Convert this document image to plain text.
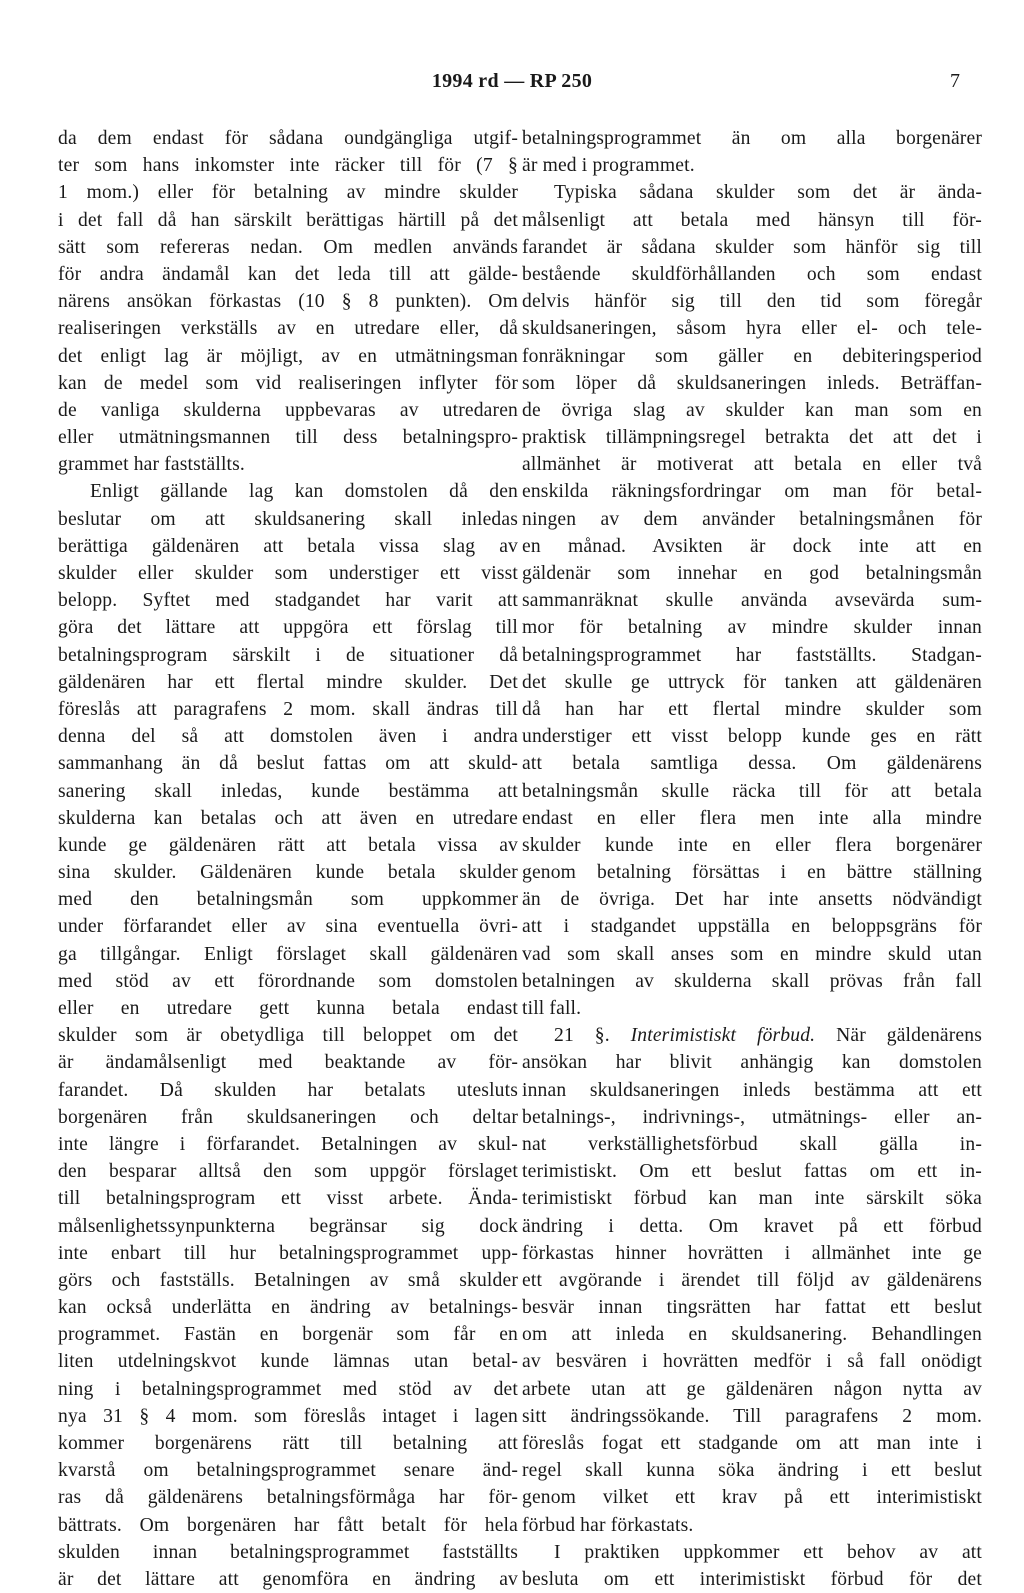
1994 rd — RP 250	7
da dem endast för sådana oundgängliga utgif-
ter som hans inkomster inte räcker till för (7 §
1 mom.) eller för betalning av mindre skulder
i det fall då han särskilt berättigas härtill på det
sätt som refereras nedan. Om medlen används
för andra ändamål kan det leda till att gälde-
närens ansökan förkastas (10 § 8 punkten). Om
realiseringen verkställs av en utredare eller, då
det enligt lag är möjligt, av en utmätningsman
kan de medel som vid realiseringen inflyter för
de vanliga skulderna uppbevaras av utredaren
eller utmätningsmannen till dess betalningspro-
grammet har fastställts.
Enligt gällande lag kan domstolen då den
beslutar om att skuldsanering skall inledas
berättiga gäldenären att betala vissa slag av
skulder eller skulder som understiger ett visst
belopp. Syftet med stadgandet har varit att
göra det lättare att uppgöra ett förslag till
betalningsprogram särskilt i de situationer då
gäldenären har ett flertal mindre skulder. Det
föreslås att paragrafens 2 mom. skall ändras till
denna del så att domstolen även i andra
sammanhang än då beslut fattas om att skuld-
sanering skall inledas, kunde bestämma att
skulderna kan betalas och att även en utredare
kunde ge gäldenären rätt att betala vissa av
sina skulder. Gäldenären kunde betala skulder
med den betalningsmån som uppkommer
under förfarandet eller av sina eventuella övri-
ga tillgångar. Enligt förslaget skall gäldenären
med stöd av ett förordnande som domstolen
eller en utredare gett kunna betala endast
skulder som är obetydliga till beloppet om det
är ändamålsenligt med beaktande av för-
farandet. Då skulden har betalats utesluts
borgenären från skuldsaneringen och deltar
inte längre i förfarandet. Betalningen av skul-
den besparar alltså den som uppgör förslaget
till betalningsprogram ett visst arbete. Ända-
målsenlighetssynpunkterna begränsar sig dock
inte enbart till hur betalningsprogrammet upp-
görs och fastställs. Betalningen av små skulder
kan också underlätta en ändring av betalnings-
programmet. Fastän en borgenär som får en
liten utdelningskvot kunde lämnas utan betal-
ning i betalningsprogrammet med stöd av det
nya 31 § 4 mom. som föreslås intaget i lagen
kommer borgenärens rätt till betalning att
kvarstå om betalningsprogrammet senare änd-
ras då gäldenärens betalningsförmåga har för-
bättrats. Om borgenären har fått betalt för hela
skulden innan betalningsprogrammet fastställts
är det lättare att genomföra en ändring av
betalningsprogrammet än om alla borgenärer
är med i programmet.
Typiska sådana skulder som det är ända-
målsenligt att betala med hänsyn till för-
farandet är sådana skulder som hänför sig till
bestående skuldförhållanden och som endast
delvis hänför sig till den tid som föregår
skuldsaneringen, såsom hyra eller el- och tele-
fonräkningar som gäller en debiteringsperiod
som löper då skuldsaneringen inleds. Beträffan-
de övriga slag av skulder kan man som en
praktisk tillämpningsregel betrakta det att det i
allmänhet är motiverat att betala en eller två
enskilda räkningsfordringar om man för betal-
ningen av dem använder betalningsmånen för
en månad. Avsikten är dock inte att en
gäldenär som innehar en god betalningsmån
sammanräknat skulle använda avsevärda sum-
mor för betalning av mindre skulder innan
betalningsprogrammet har fastställts. Stadgan-
det skulle ge uttryck för tanken att gäldenären
då han har ett flertal mindre skulder som
understiger ett visst belopp kunde ges en rätt
att betala samtliga dessa. Om gäldenärens
betalningsmån skulle räcka till för att betala
endast en eller flera men inte alla mindre
skulder kunde inte en eller flera borgenärer
genom betalning försättas i en bättre ställning
än de övriga. Det har inte ansetts nödvändigt
att i stadgandet uppställa en beloppsgräns för
vad som skall anses som en mindre skuld utan
betalningen av skulderna skall prövas från fall
till fall.
21 §. Interimistiskt förbud. När gäldenärens
ansökan har blivit anhängig kan domstolen
innan skuldsaneringen inleds bestämma att ett
betalnings-, indrivnings-, utmätnings- eller an-
nat verkställighetsförbud skall gälla in-
terimistiskt. Om ett beslut fattas om ett in-
terimistiskt förbud kan man inte särskilt söka
ändring i detta. Om kravet på ett förbud
förkastas hinner hovrätten i allmänhet inte ge
ett avgörande i ärendet till följd av gäldenärens
besvär innan tingsrätten har fattat ett beslut
om att inleda en skuldsanering. Behandlingen
av besvären i hovrätten medför i så fall onödigt
arbete utan att ge gäldenären någon nytta av
sitt ändringssökande. Till paragrafens 2 mom.
föreslås fogat ett stadgande om att man inte i
regel skall kunna söka ändring i ett beslut
genom vilket ett krav på ett interimistiskt
förbud har förkastats.
I praktiken uppkommer ett behov av att
besluta om ett interimistiskt förbud för det
